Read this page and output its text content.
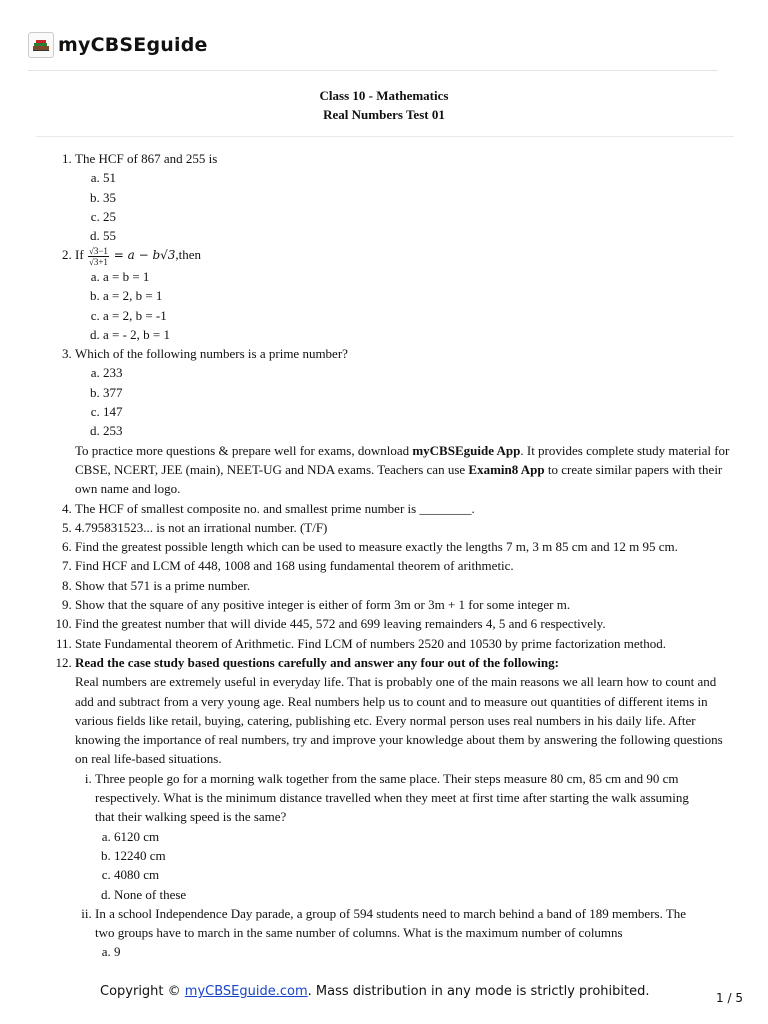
myCBSEguide
Class 10 - Mathematics
Real Numbers Test 01
1. The HCF of 867 and 255 is
a. 51
b. 35
c. 25
d. 55
2. If $\frac{√3-1}{√3+1} = a$ − b√3,then
a. a = b = 1
b. a = 2, b = 1
c. a = 2, b = -1
d. a = - 2, b = 1
3. Which of the following numbers is a prime number?
a. 233
b. 377
c. 147
d. 253
To practice more questions & prepare well for exams, download myCBSEguide App. It provides complete study material for CBSE, NCERT, JEE (main), NEET-UG and NDA exams. Teachers can use Examin8 App to create similar papers with their own name and logo.
4. The HCF of smallest composite no. and smallest prime number is ________.
5. 4.795831523... is not an irrational number. (T/F)
6. Find the greatest possible length which can be used to measure exactly the lengths 7 m, 3 m 85 cm and 12 m 95 cm.
7. Find HCF and LCM of 448, 1008 and 168 using fundamental theorem of arithmetic.
8. Show that 571 is a prime number.
9. Show that the square of any positive integer is either of form 3m or 3m + 1 for some integer m.
10. Find the greatest number that will divide 445, 572 and 699 leaving remainders 4, 5 and 6 respectively.
11. State Fundamental theorem of Arithmetic. Find LCM of numbers 2520 and 10530 by prime factorization method.
12. Read the case study based questions carefully and answer any four out of the following:
Real numbers are extremely useful in everyday life. That is probably one of the main reasons we all learn how to count and add and subtract from a very young age. Real numbers help us to count and to measure out quantities of different items in various fields like retail, buying, catering, publishing etc. Every normal person uses real numbers in his daily life. After knowing the importance of real numbers, try and improve your knowledge about them by answering the following questions on real life-based situations.
i. Three people go for a morning walk together from the same place. Their steps measure 80 cm, 85 cm and 90 cm respectively. What is the minimum distance travelled when they meet at first time after starting the walk assuming that their walking speed is the same?
a. 6120 cm
b. 12240 cm
c. 4080 cm
d. None of these
ii. In a school Independence Day parade, a group of 594 students need to march behind a band of 189 members. The two groups have to march in the same number of columns. What is the maximum number of columns
a. 9
Copyright © myCBSEguide.com. Mass distribution in any mode is strictly prohibited.	1 / 5
